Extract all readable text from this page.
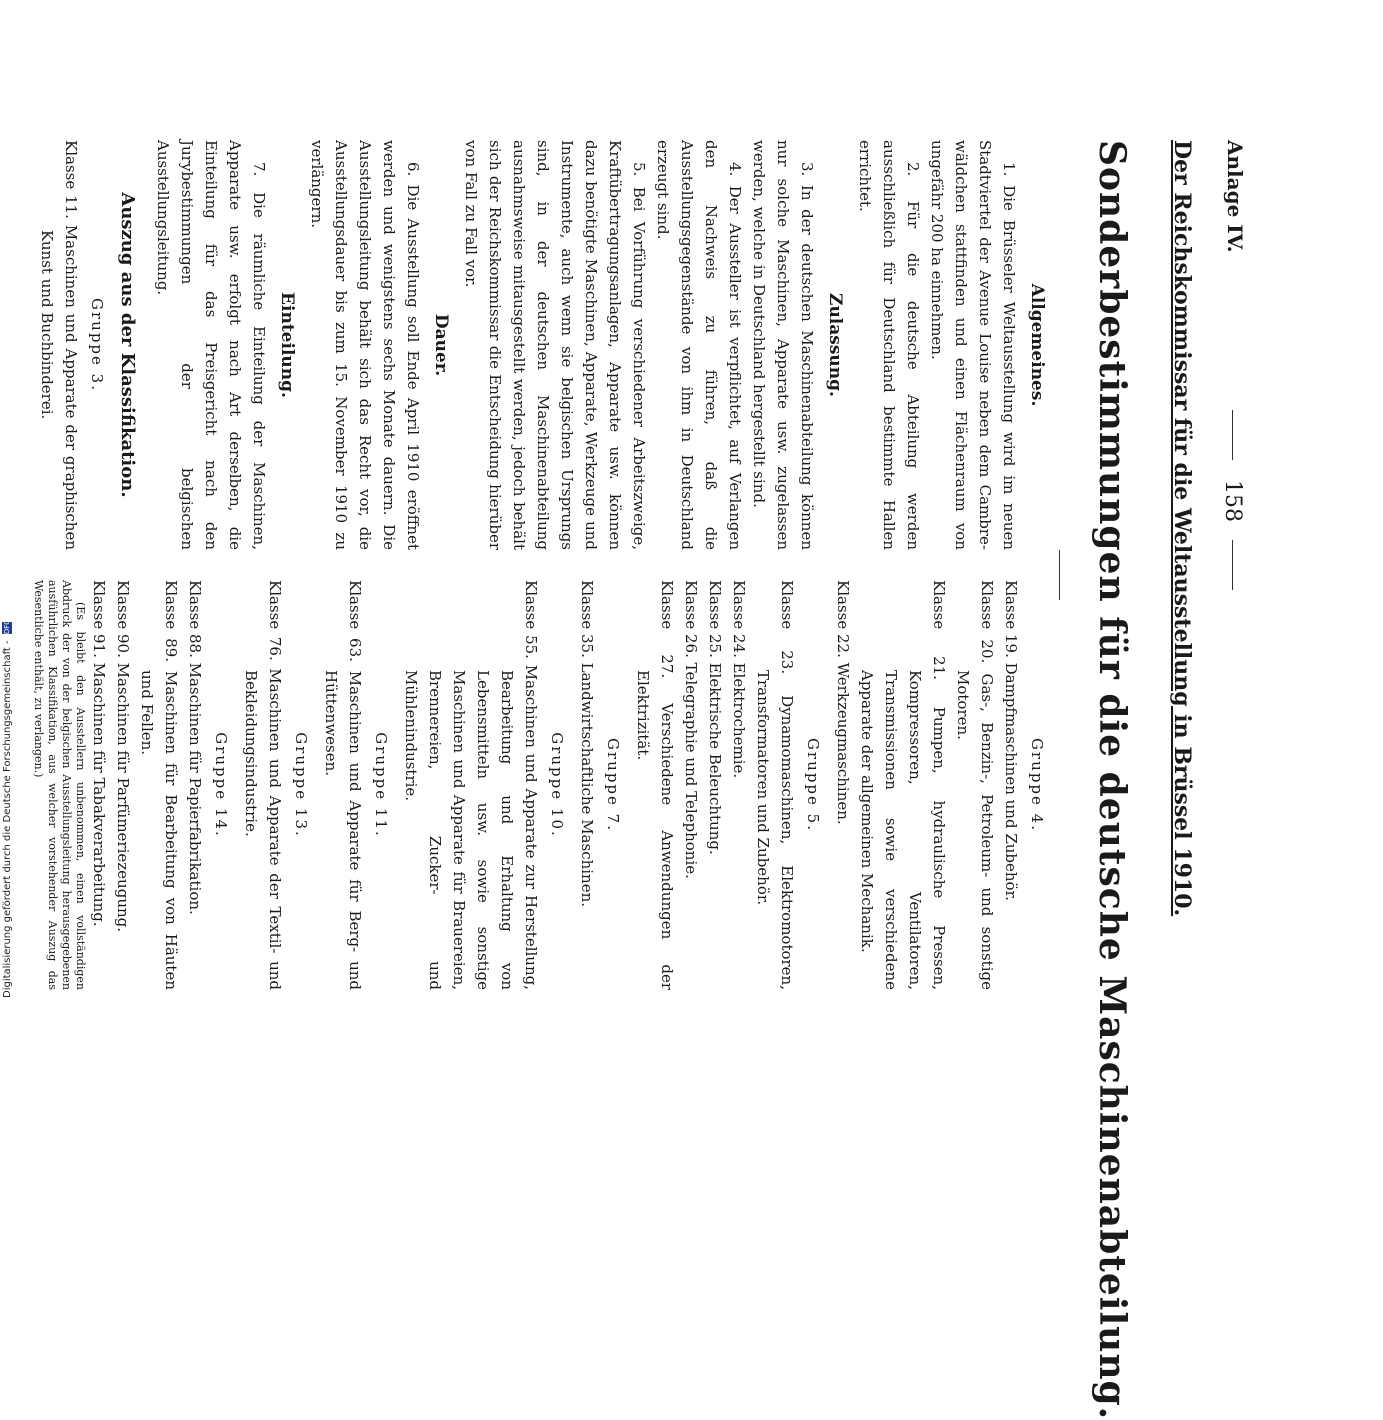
Anlage IV.
158
Der Reichskommissar für die Weltausstellung in Brüssel 1910.
Sonderbestimmungen für die deutsche Maschinenabteilung.
Allgemeines.

1. Die Brüsseler Weltausstellung wird im neuen Stadtviertel der Avenue Louise neben dem Cambre-wäldchen stattfinden und einen Flächenraum von ungefähr 200 ha einnehmen.

2. Für die deutsche Abteilung werden ausschließlich für Deutschland bestimmte Hallen errichtet.

Zulassung.

3. In der deutschen Maschinenabteilung können nur solche Maschinen, Apparate usw. zugelassen werden, welche in Deutschland hergestellt sind.

4. Der Aussteller ist verpflichtet, auf Verlangen den Nachweis zu führen, daß die Ausstellungsgegenstände von ihm in Deutschland erzeugt sind.

5. Bei Vorführung verschiedener Arbeitszweige, Kraftübertragungsanlagen, Apparate usw. können dazu benötigte Maschinen, Apparate, Werkzeuge und Instrumente, auch wenn sie belgischen Ursprungs sind, in der deutschen Maschinenabteilung ausnahmsweise mitausgestellt werden, jedoch behält sich der Reichskommissar die Entscheidung hierüber von Fall zu Fall vor.

Dauer.

6. Die Ausstellung soll Ende April 1910 eröffnet werden und wenigstens sechs Monate dauern. Die Ausstellungsleitung behält sich das Recht vor, die Ausstellungsdauer bis zum 15. November 1910 zu verlängern.

Einteilung.

7. Die räumliche Einteilung der Maschinen, Apparate usw. erfolgt nach Art derselben, die Einteilung für das Preisgericht nach den Jurybestimmungen der belgischen Ausstellungsleitung.

Auszug aus der Klassifikation.
Gruppe 3.

Klasse 11. Maschinen und Apparate der graphischen Kunst und Buchbinderei.

Gruppe 4.

Klasse 19. Dampfmaschinen und Zubehör.

Klasse 20. Gas-, Benzin-, Petroleum- und sonstige Motoren.

Klasse 21. Pumpen, hydraulische Pressen, Kompressoren, Ventilatoren, Transmissionen sowie verschiedene Apparate der allgemeinen Mechanik.

Klasse 22. Werkzeugmaschinen.

Gruppe 5.

Klasse 23. Dynamomaschinen, Elektromotoren, Transformatoren und Zubehör.

Klasse 24. Elektrochemie.

Klasse 25. Elektrische Beleuchtung.

Klasse 26. Telegraphie und Telephonie.

Klasse 27. Verschiedene Anwendungen der Elektrizität.

Gruppe 7.

Klasse 35. Landwirtschaftliche Maschinen.

Gruppe 10.

Klasse 55. Maschinen und Apparate zur Herstellung, Bearbeitung und Erhaltung von Lebensmitteln usw. sowie sonstige Maschinen und Apparate für Brauereien, Brennereien, Zucker- und Mühlenindustrie.

Gruppe 11.

Klasse 63. Maschinen und Apparate für Berg- und Hüttenwesen.

Gruppe 13.

Klasse 76. Maschinen und Apparate der Textil- und Bekleidungsindustrie.

Gruppe 14.

Klasse 88. Maschinen für Papierfabrikation.

Klasse 89. Maschinen für Bearbeitung von Häuten und Fellen.

Klasse 90. Maschinen für Parfümeriezeugung.

Klasse 91. Maschinen für Tabakverarbeitung.

(Es bleibt den Ausstellern unbenommen, einen vollständigen Abdruck der von der belgischen Ausstellungsleitung herausgegebenen ausführlichen Klassifikation, aus welcher vorstehender Auszug das Wesentliche enthält, zu verlangen.)

Digitalisierung gefördert durch die Deutsche Forschungsgemeinschaft - DFG
